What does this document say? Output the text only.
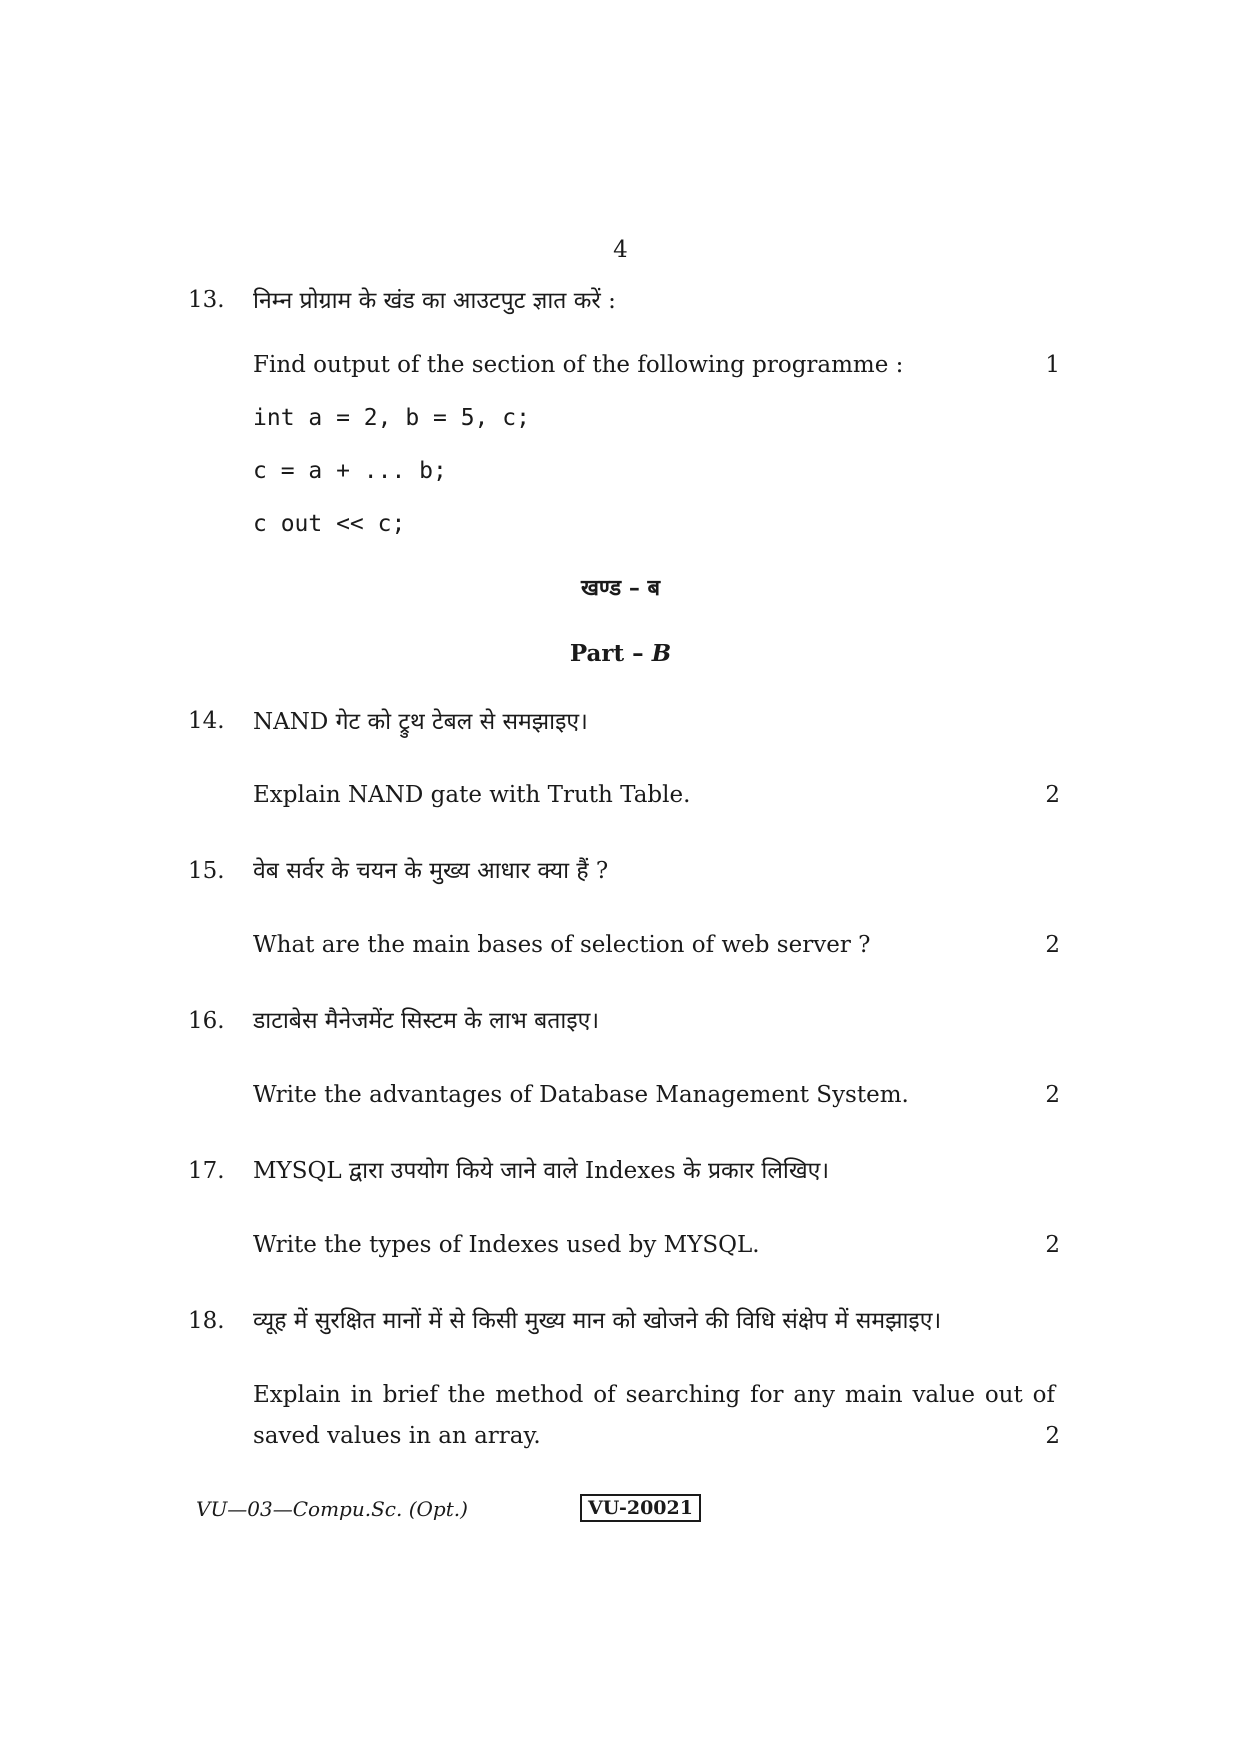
4
13. निम्न प्रोग्राम के खंड का आउटपुट ज्ञात करें :
Find output of the section of the following programme :	1
int a = 2, b = 5, c;
c = a + ... b;
c out << c;
खण्ड – ब
Part – B
14. NAND गेट को ट्रुथ टेबल से समझाइए।
Explain NAND gate with Truth Table.	2
15. वेब सर्वर के चयन के मुख्य आधार क्या हैं ?
What are the main bases of selection of web server ?	2
16. डाटाबेस मैनेजमेंट सिस्टम के लाभ बताइए।
Write the advantages of Database Management System.	2
17. MYSQL द्वारा उपयोग किये जाने वाले Indexes के प्रकार लिखिए।
Write the types of Indexes used by MYSQL.	2
18. व्यूह में सुरक्षित मानों में से किसी मुख्य मान को खोजने की विधि संक्षेप में समझाइए।
Explain in brief the method of searching for any main value out of
saved values in an array.	2
VU—03—Compu.Sc. (Opt.)	VU-20021
